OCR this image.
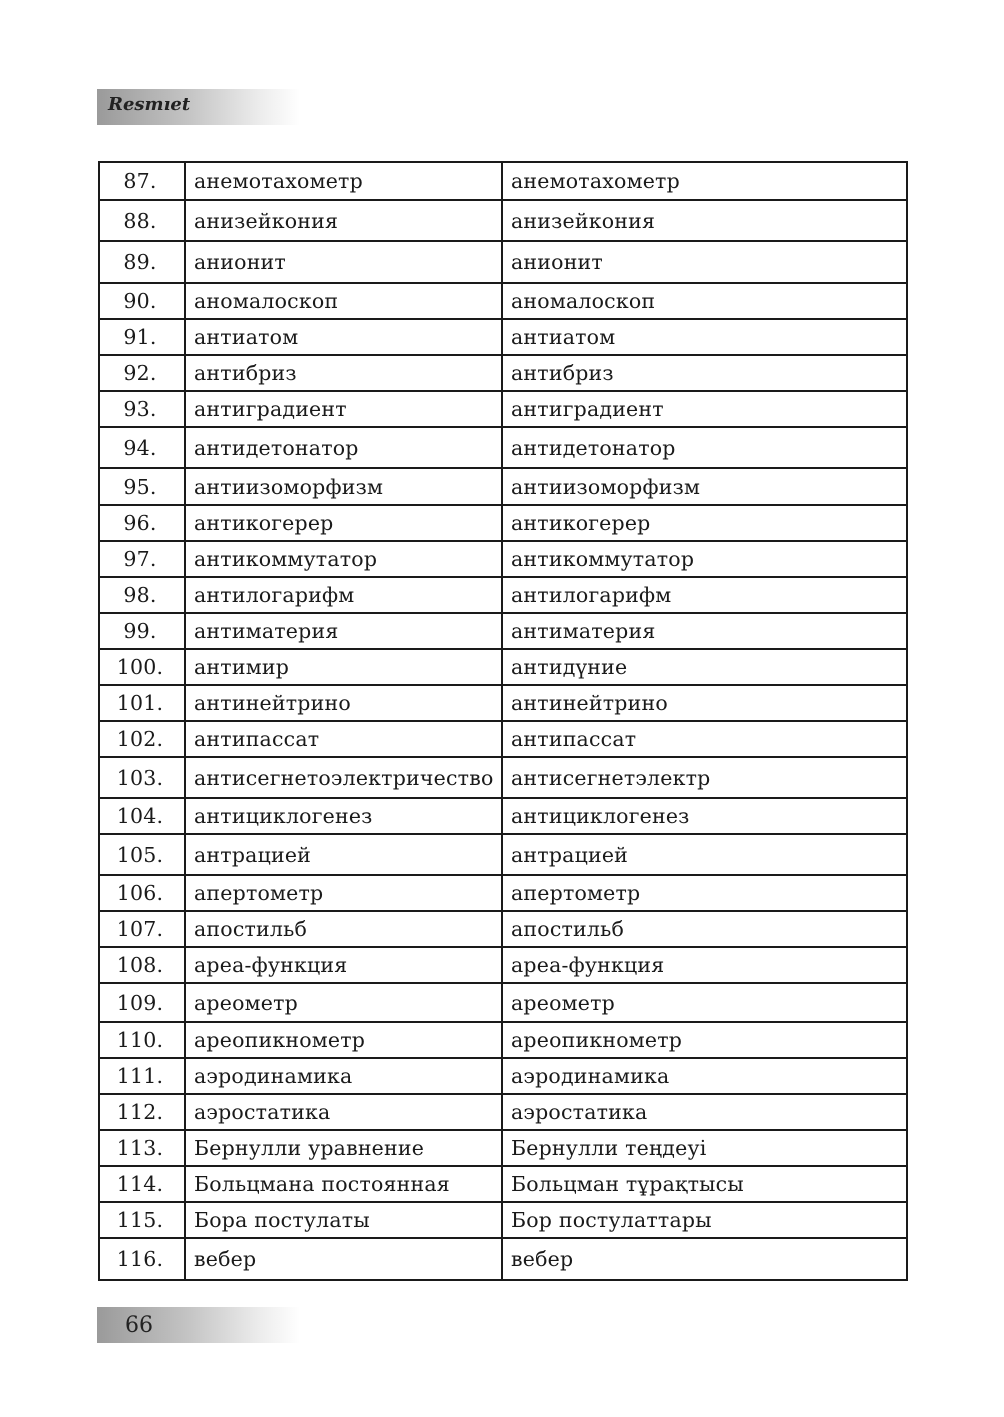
Resmıet
87.	анемотахометр	анемотахометр
88.	анизейкония	анизейкония
89.	анионит	анионит
90.	аномалоскоп	аномалоскоп
91.	антиатом	антиатом
92.	антибриз	антибриз
93.	антиградиент	антиградиент
94.	антидетонатор	антидетонатор
95.	антиизоморфизм	антиизоморфизм
96.	антикогерер	антикогерер
97.	антикоммутатор	антикоммутатор
98.	антилогарифм	антилогарифм
99.	антиматерия	антиматерия
100.	антимир	антидүние
101.	антинейтрино	антинейтрино
102.	антипассат	антипассат
103.	антисегнетоэлектричество	антисегнетэлектр
104.	антициклогенез	антициклогенез
105.	антрацией	антрацией
106.	апертометр	апертометр
107.	апостильб	апостильб
108.	ареа-функция	ареа-функция
109.	ареометр	ареометр
110.	ареопикнометр	ареопикнометр
111.	аэродинамика	аэродинамика
112.	аэростатика	аэростатика
113.	Бернулли уравнение	Бернулли теңдеуі
114.	Больцмана постоянная	Больцман тұрақтысы
115.	Бора постулаты	Бор постулаттары
116.	вебер	вебер
66
